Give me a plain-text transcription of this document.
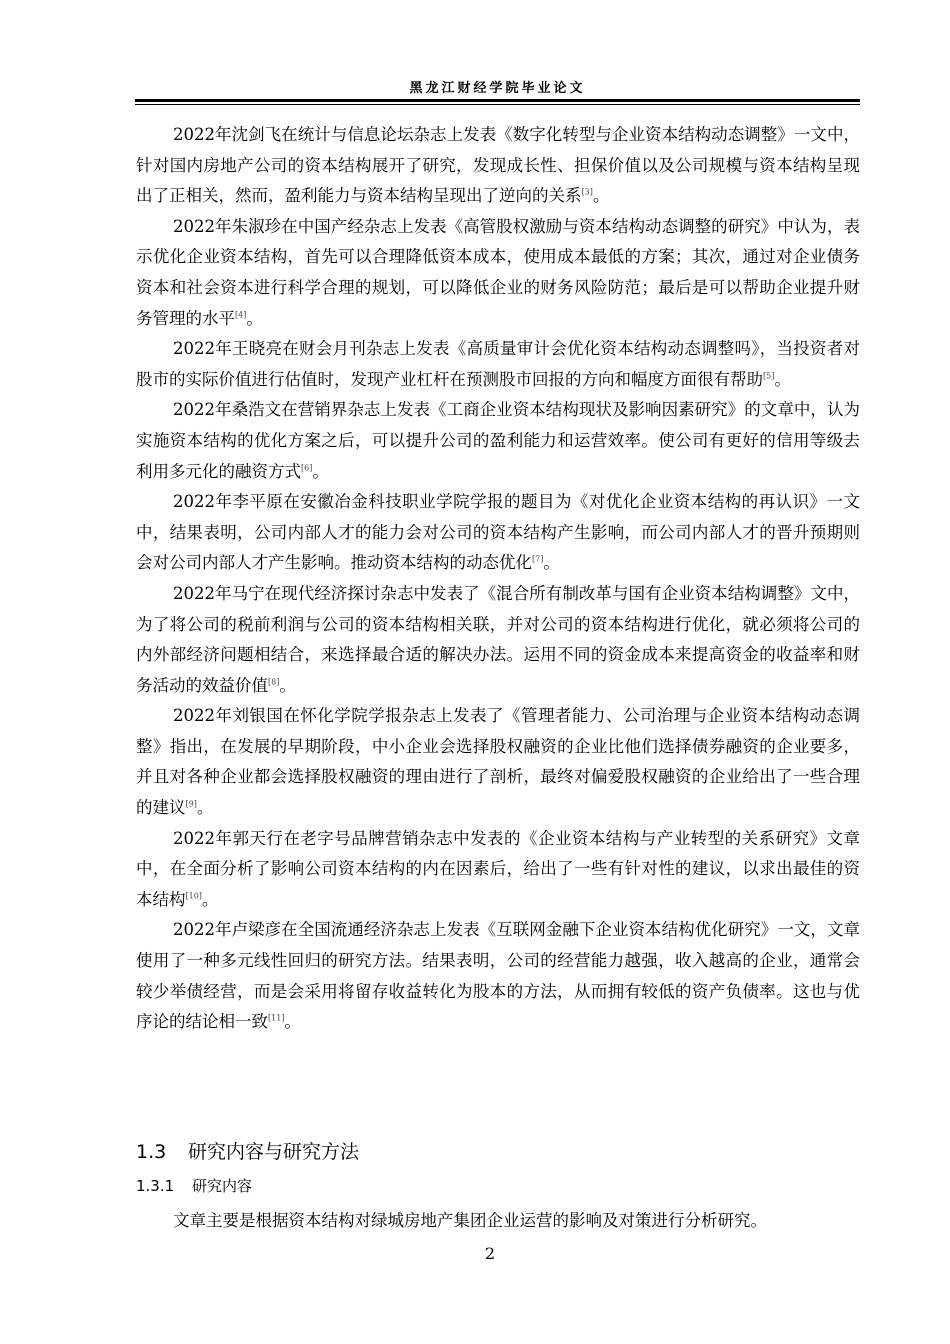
黑龙江财经学院毕业论文

2022年沈剑飞在统计与信息论坛杂志上发表《数字化转型与企业资本结构动态调整》一文中，针对国内房地产公司的资本结构展开了研究，发现成长性、担保价值以及公司规模与资本结构呈现出了正相关，然而，盈利能力与资本结构呈现出了逆向的关系[3]。

2022年朱淑珍在中国产经杂志上发表《高管股权激励与资本结构动态调整的研究》中认为，表示优化企业资本结构，首先可以合理降低资本成本，使用成本最低的方案；其次，通过对企业债务资本和社会资本进行科学合理的规划，可以降低企业的财务风险防范；最后是可以帮助企业提升财务管理的水平[4]。

2022年王晓亮在财会月刊杂志上发表《高质量审计会优化资本结构动态调整吗》，当投资者对股市的实际价值进行估值时，发现产业杠杆在预测股市回报的方向和幅度方面很有帮助[5]。

2022年桑浩文在营销界杂志上发表《工商企业资本结构现状及影响因素研究》的文章中，认为实施资本结构的优化方案之后，可以提升公司的盈利能力和运营效率。使公司有更好的信用等级去利用多元化的融资方式[6]。

2022年李平原在安徽冶金科技职业学院学报的题目为《对优化企业资本结构的再认识》一文中，结果表明，公司内部人才的能力会对公司的资本结构产生影响，而公司内部人才的晋升预期则会对公司内部人才产生影响。推动资本结构的动态优化[7]。

2022年马宁在现代经济探讨杂志中发表了《混合所有制改革与国有企业资本结构调整》文中，为了将公司的税前利润与公司的资本结构相关联，并对公司的资本结构进行优化，就必须将公司的内外部经济问题相结合，来选择最合适的解决办法。运用不同的资金成本来提高资金的收益率和财务活动的效益价值[8]。

2022年刘银国在怀化学院学报杂志上发表了《管理者能力、公司治理与企业资本结构动态调整》指出，在发展的早期阶段，中小企业会选择股权融资的企业比他们选择债券融资的企业要多，并且对各种企业都会选择股权融资的理由进行了剖析，最终对偏爱股权融资的企业给出了一些合理的建议[9]。

2022年郭天行在老字号品牌营销杂志中发表的《企业资本结构与产业转型的关系研究》文章中，在全面分析了影响公司资本结构的内在因素后，给出了一些有针对性的建议，以求出最佳的资本结构[10]。

2022年卢梁彦在全国流通经济杂志上发表《互联网金融下企业资本结构优化研究》一文，文章使用了一种多元线性回归的研究方法。结果表明，公司的经营能力越强，收入越高的企业，通常会较少举债经营，而是会采用将留存收益转化为股本的方法，从而拥有较低的资产负债率。这也与优序论的结论相一致[11]。

1.3 研究内容与研究方法
1.3.1 研究内容

文章主要是根据资本结构对绿城房地产集团企业运营的影响及对策进行分析研究。

2
